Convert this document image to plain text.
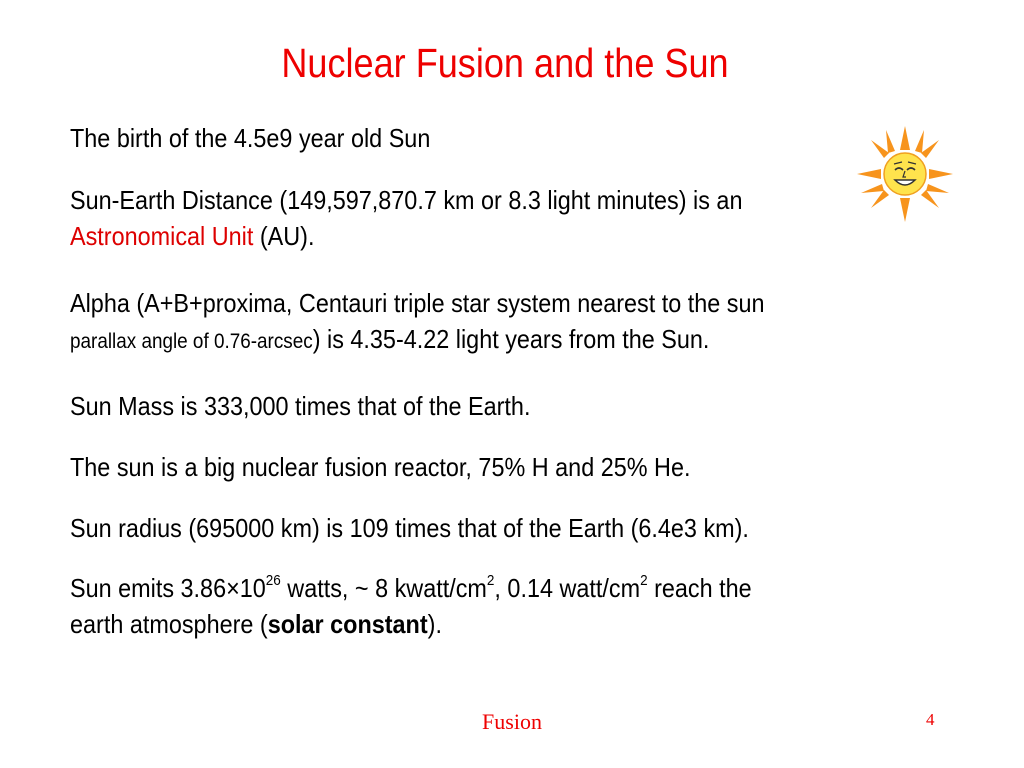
Nuclear Fusion and the Sun
The birth of the 4.5e9 year old Sun
Sun-Earth Distance (149,597,870.7 km or 8.3 light minutes) is an
Astronomical Unit (AU).
Alpha (A+B+proxima, Centauri triple star system nearest to the sun
parallax angle of 0.76-arcsec) is 4.35-4.22 light years from the Sun.
Sun Mass is 333,000 times that of the Earth.
The sun is a big nuclear fusion reactor, 75% H and 25% He.
Sun radius (695000 km) is 109 times that of the Earth (6.4e3 km).
Sun emits $3.86\times 10^{26}$ watts, ~ 8 kwatt/$cm^2$, 0.14 watt/$cm^2$ reach the
earth atmosphere (solar constant).
Fusion	4
